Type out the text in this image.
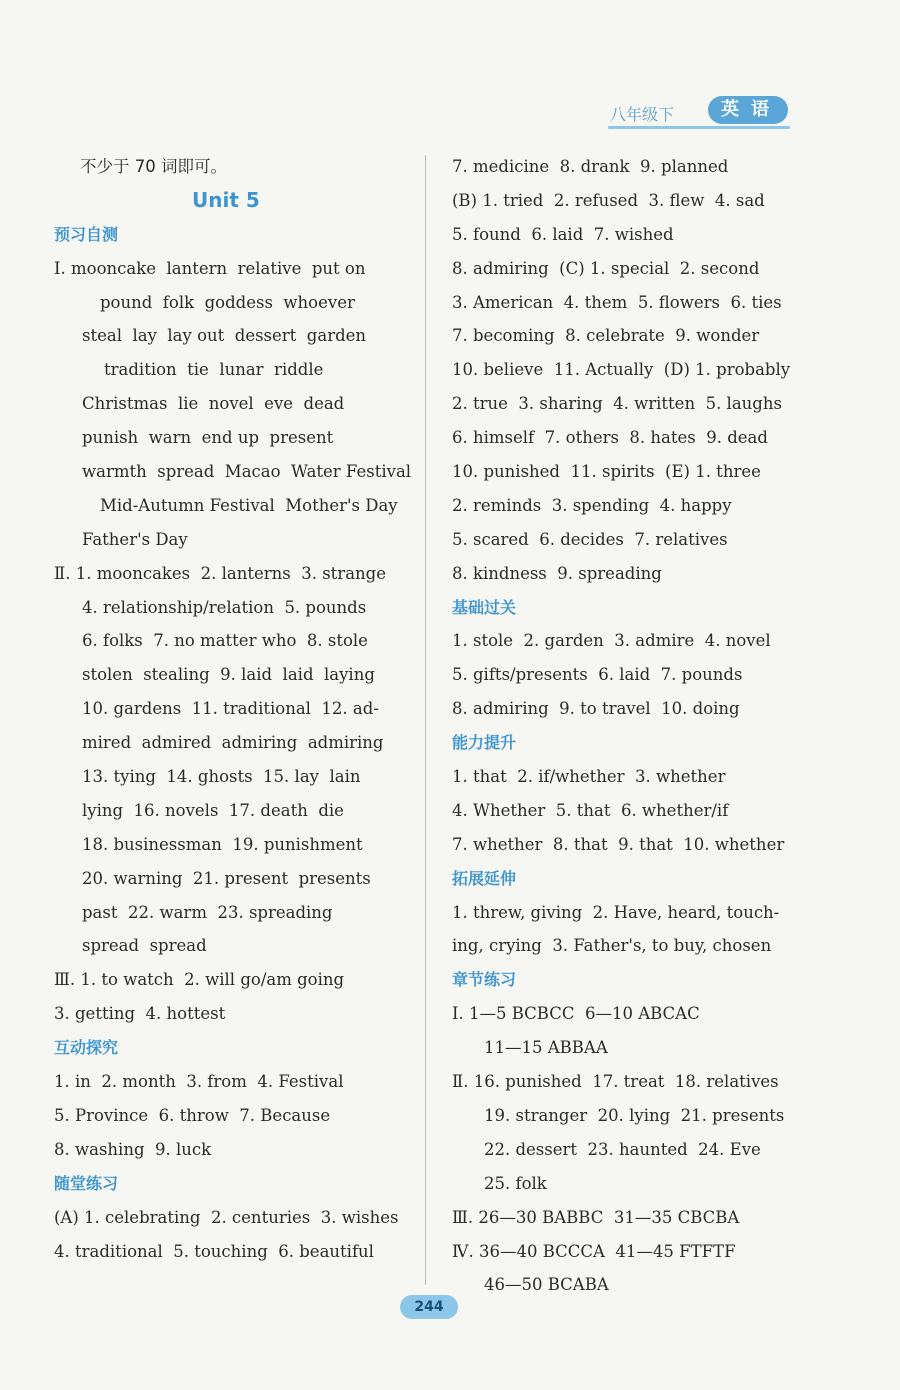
八年级下	英语
不少于 70 词即可。
Unit 5
预习自测
Ⅰ. mooncake  lantern  relative  put on
pound  folk  goddess  whoever
steal  lay  lay out  dessert  garden
tradition  tie  lunar  riddle
Christmas  lie  novel  eve  dead
punish  warn  end up  present
warmth  spread  Macao  Water Festival
Mid-Autumn Festival  Mother's Day
Father's Day
Ⅱ. 1. mooncakes  2. lanterns  3. strange
4. relationship/relation  5. pounds
6. folks  7. no matter who  8. stole
stolen  stealing  9. laid  laid  laying
10. gardens  11. traditional  12. ad-
mired  admired  admiring  admiring
13. tying  14. ghosts  15. lay  lain
lying  16. novels  17. death  die
18. businessman  19. punishment
20. warning  21. present  presents
past  22. warm  23. spreading
spread  spread
Ⅲ. 1. to watch  2. will go/am going
3. getting  4. hottest
互动探究
1. in  2. month  3. from  4. Festival
5. Province  6. throw  7. Because
8. washing  9. luck
随堂练习
(A) 1. celebrating  2. centuries  3. wishes
4. traditional  5. touching  6. beautiful
7. medicine  8. drank  9. planned
(B) 1. tried  2. refused  3. flew  4. sad
5. found  6. laid  7. wished
8. admiring  (C) 1. special  2. second
3. American  4. them  5. flowers  6. ties
7. becoming  8. celebrate  9. wonder
10. believe  11. Actually  (D) 1. probably
2. true  3. sharing  4. written  5. laughs
6. himself  7. others  8. hates  9. dead
10. punished  11. spirits  (E) 1. three
2. reminds  3. spending  4. happy
5. scared  6. decides  7. relatives
8. kindness  9. spreading
基础过关
1. stole  2. garden  3. admire  4. novel
5. gifts/presents  6. laid  7. pounds
8. admiring  9. to travel  10. doing
能力提升
1. that  2. if/whether  3. whether
4. Whether  5. that  6. whether/if
7. whether  8. that  9. that  10. whether
拓展延伸
1. threw, giving  2. Have, heard, touch-
ing, crying  3. Father's, to buy, chosen
章节练习
Ⅰ. 1—5 BCBCC  6—10 ABCAC
11—15 ABBAA
Ⅱ. 16. punished  17. treat  18. relatives
19. stranger  20. lying  21. presents
22. dessert  23. haunted  24. Eve
25. folk
Ⅲ. 26—30 BABBC  31—35 CBCBA
Ⅳ. 36—40 BCCCA  41—45 FTFTF
46—50 BCABA
244
